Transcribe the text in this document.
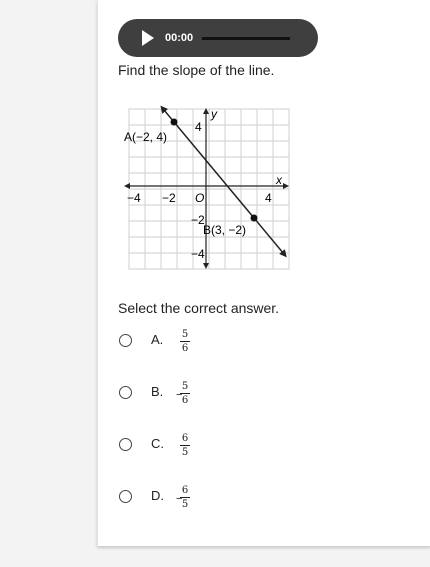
00:00
Find the slope of the line.
x
y
O
−4 −2	4
4
−2
−4
A(−2, 4)
B(3, −2)
Select the correct answer.
A. $\frac{5}{6}$
B. −
$\frac{5}{6}$
C. $\frac{6}{5}$
D. −
$\frac{6}{5}$
